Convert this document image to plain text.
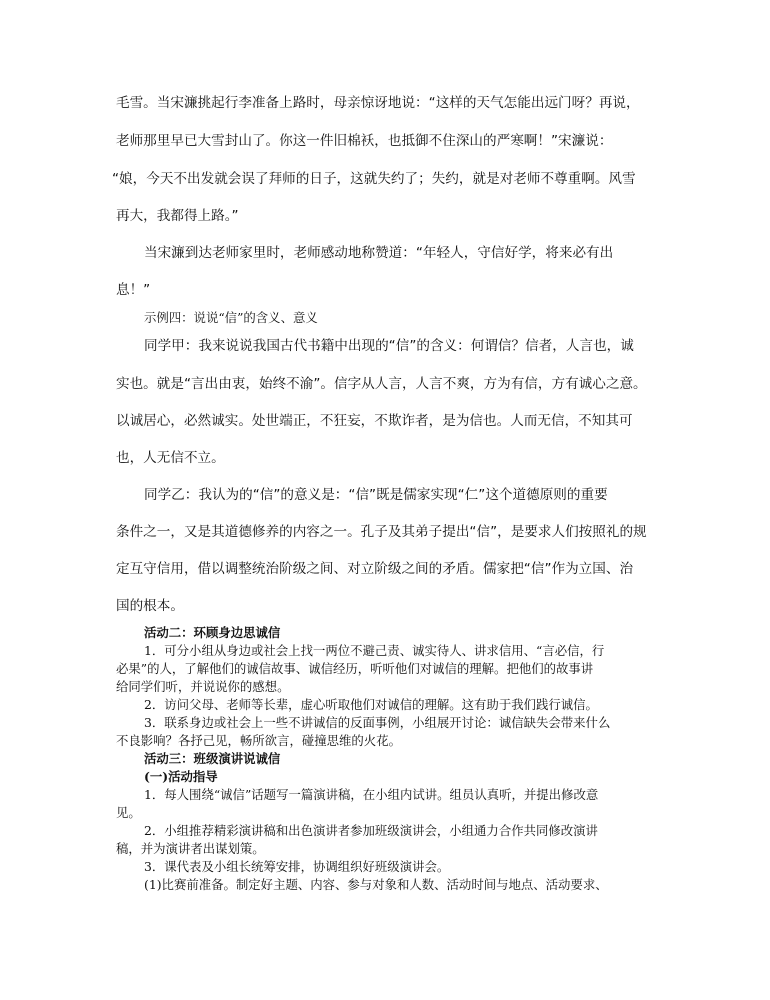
毛雪。当宋濂挑起行李准备上路时，母亲惊讶地说：“这样的天气怎能出远门呀？再说，

老师那里早已大雪封山了。你这一件旧棉袄，也抵御不住深山的严寒啊！”宋濂说：

“娘，今天不出发就会误了拜师的日子，这就失约了；失约，就是对老师不尊重啊。风雪

再大，我都得上路。”

当宋濂到达老师家里时，老师感动地称赞道：“年轻人，守信好学，将来必有出

息！”

示例四：说说“信”的含义、意义

同学甲：我来说说我国古代书籍中出现的“信”的含义：何谓信？信者，人言也，诚

实也。就是“言出由衷，始终不渝”。信字从人言，人言不爽，方为有信，方有诚心之意。

以诚居心，必然诚实。处世端正，不狂妄，不欺诈者，是为信也。人而无信，不知其可

也，人无信不立。

同学乙：我认为的“信”的意义是：“信”既是儒家实现“仁”这个道德原则的重要

条件之一，又是其道德修养的内容之一。孔子及其弟子提出“信”，是要求人们按照礼的规

定互守信用，借以调整统治阶级之间、对立阶级之间的矛盾。儒家把“信”作为立国、治

国的根本。

活动二：环顾身边思诚信

1．可分小组从身边或社会上找一两位不避己责、诚实待人、讲求信用、“言必信，行

必果”的人，了解他们的诚信故事、诚信经历，听听他们对诚信的理解。把他们的故事讲

给同学们听，并说说你的感想。

2．访问父母、老师等长辈，虚心听取他们对诚信的理解。这有助于我们践行诚信。

3．联系身边或社会上一些不讲诚信的反面事例，小组展开讨论：诚信缺失会带来什么

不良影响？各抒己见，畅所欲言，碰撞思维的火花。

活动三：班级演讲说诚信

(一)活动指导

1．每人围绕“诚信”话题写一篇演讲稿，在小组内试讲。组员认真听，并提出修改意

见。

2．小组推荐精彩演讲稿和出色演讲者参加班级演讲会，小组通力合作共同修改演讲

稿，并为演讲者出谋划策。

3．课代表及小组长统筹安排，协调组织好班级演讲会。

(1)比赛前准备。制定好主题、内容、参与对象和人数、活动时间与地点、活动要求、
